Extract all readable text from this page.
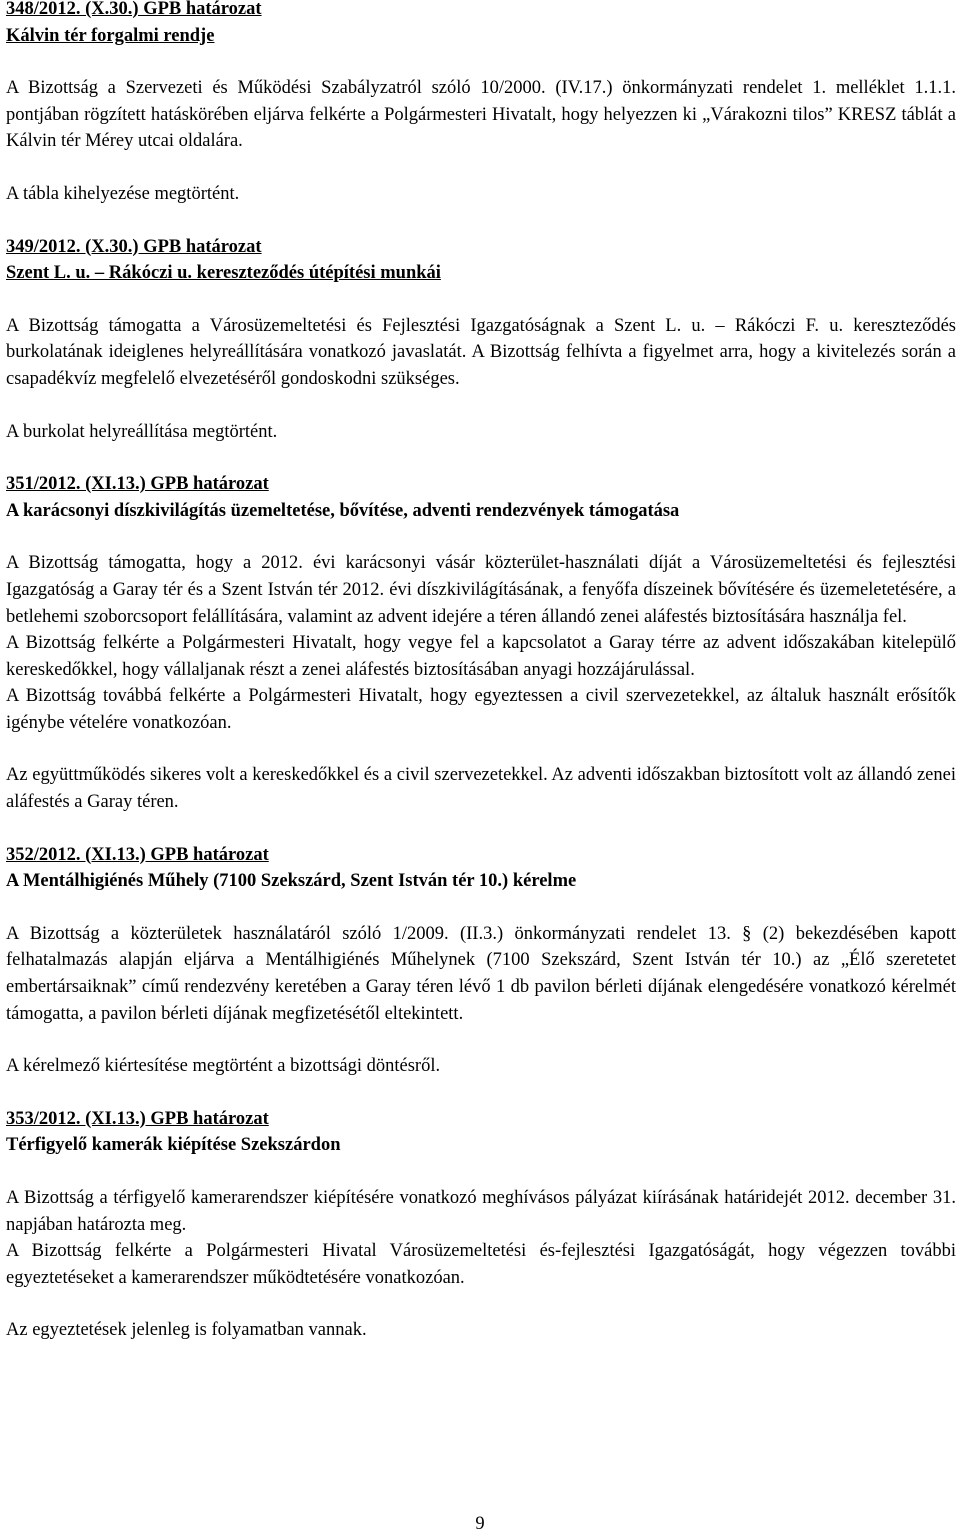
348/2012. (X.30.) GPB határozat

Kálvin tér forgalmi rendje

A Bizottság a Szervezeti és Működési Szabályzatról szóló 10/2000. (IV.17.) önkormányzati rendelet 1. melléklet 1.1.1. pontjában rögzített hatáskörében eljárva felkérte a Polgármesteri Hivatalt, hogy helyezzen ki „Várakozni tilos” KRESZ táblát a Kálvin tér Mérey utcai oldalára.

A tábla kihelyezése megtörtént.

349/2012. (X.30.) GPB határozat

Szent L. u. – Rákóczi u. kereszteződés útépítési munkái

A Bizottság támogatta a Városüzemeltetési és Fejlesztési Igazgatóságnak a Szent L. u. – Rákóczi F. u. kereszteződés burkolatának ideiglenes helyreállítására vonatkozó javaslatát. A Bizottság felhívta a figyelmet arra, hogy a kivitelezés során a csapadékvíz megfelelő elvezetéséről gondoskodni szükséges.

A burkolat helyreállítása megtörtént.

351/2012. (XI.13.) GPB határozat

A karácsonyi díszkivilágítás üzemeltetése, bővítése, adventi rendezvények támogatása

A Bizottság támogatta, hogy a 2012. évi karácsonyi vásár közterület-használati díját a Városüzemeltetési és fejlesztési Igazgatóság a Garay tér és a Szent István tér 2012. évi díszkivilágításának, a fenyőfa díszeinek bővítésére és üzemeletetésére, a betlehemi szoborcsoport felállítására, valamint az advent idejére a téren állandó zenei aláfestés biztosítására használja fel.

A Bizottság felkérte a Polgármesteri Hivatalt, hogy vegye fel a kapcsolatot a Garay térre az advent időszakában kitelepülő kereskedőkkel, hogy vállaljanak részt a zenei aláfestés biztosításában anyagi hozzájárulással.

A Bizottság továbbá felkérte a Polgármesteri Hivatalt, hogy egyeztessen a civil szervezetekkel, az általuk használt erősítők igénybe vételére vonatkozóan.

Az együttműködés sikeres volt a kereskedőkkel és a civil szervezetekkel. Az adventi időszakban biztosított volt az állandó zenei aláfestés a Garay téren.

352/2012. (XI.13.) GPB határozat

A Mentálhigiénés Műhely (7100 Szekszárd, Szent István tér 10.) kérelme

A Bizottság a közterületek használatáról szóló 1/2009. (II.3.) önkormányzati rendelet 13. § (2) bekezdésében kapott felhatalmazás alapján eljárva a Mentálhigiénés Műhelynek (7100 Szekszárd, Szent István tér 10.) az „Élő szeretetet embertársaiknak” című rendezvény keretében a Garay téren lévő 1 db pavilon bérleti díjának elengedésére vonatkozó kérelmét támogatta, a pavilon bérleti díjának megfizetésétől eltekintett.

A kérelmező kiértesítése megtörtént a bizottsági döntésről.

353/2012. (XI.13.) GPB határozat

Térfigyelő kamerák kiépítése Szekszárdon

A Bizottság a térfigyelő kamerarendszer kiépítésére vonatkozó meghívásos pályázat kiírásának határidejét 2012. december 31. napjában határozta meg.

A Bizottság felkérte a Polgármesteri Hivatal Városüzemeltetési és-fejlesztési Igazgatóságát, hogy végezzen további egyeztetéseket a kamerarendszer működtetésére vonatkozóan.

Az egyeztetések jelenleg is folyamatban vannak.

9
